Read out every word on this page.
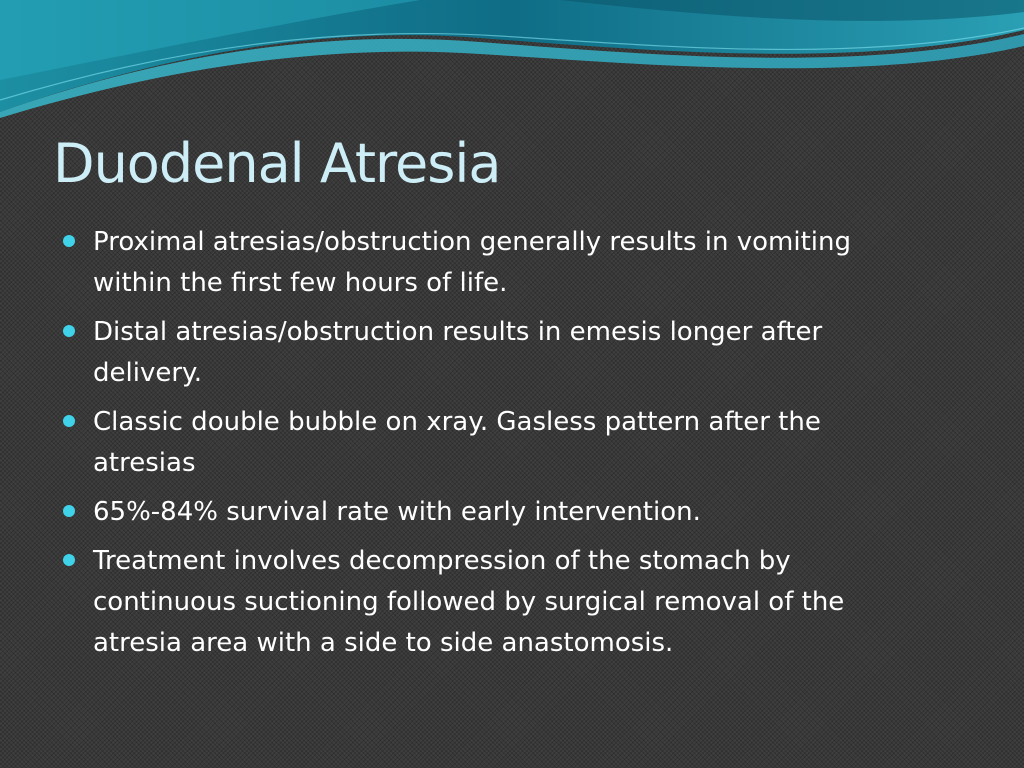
Duodenal Atresia
Proximal atresias/obstruction generally results in vomiting within the first few hours of life.
Distal atresias/obstruction results in emesis longer after delivery.
Classic double bubble on xray. Gasless pattern after the atresias
65%-84% survival rate with early intervention.
Treatment involves decompression of the stomach by continuous suctioning followed by surgical removal of the atresia area with a side to side anastomosis.
